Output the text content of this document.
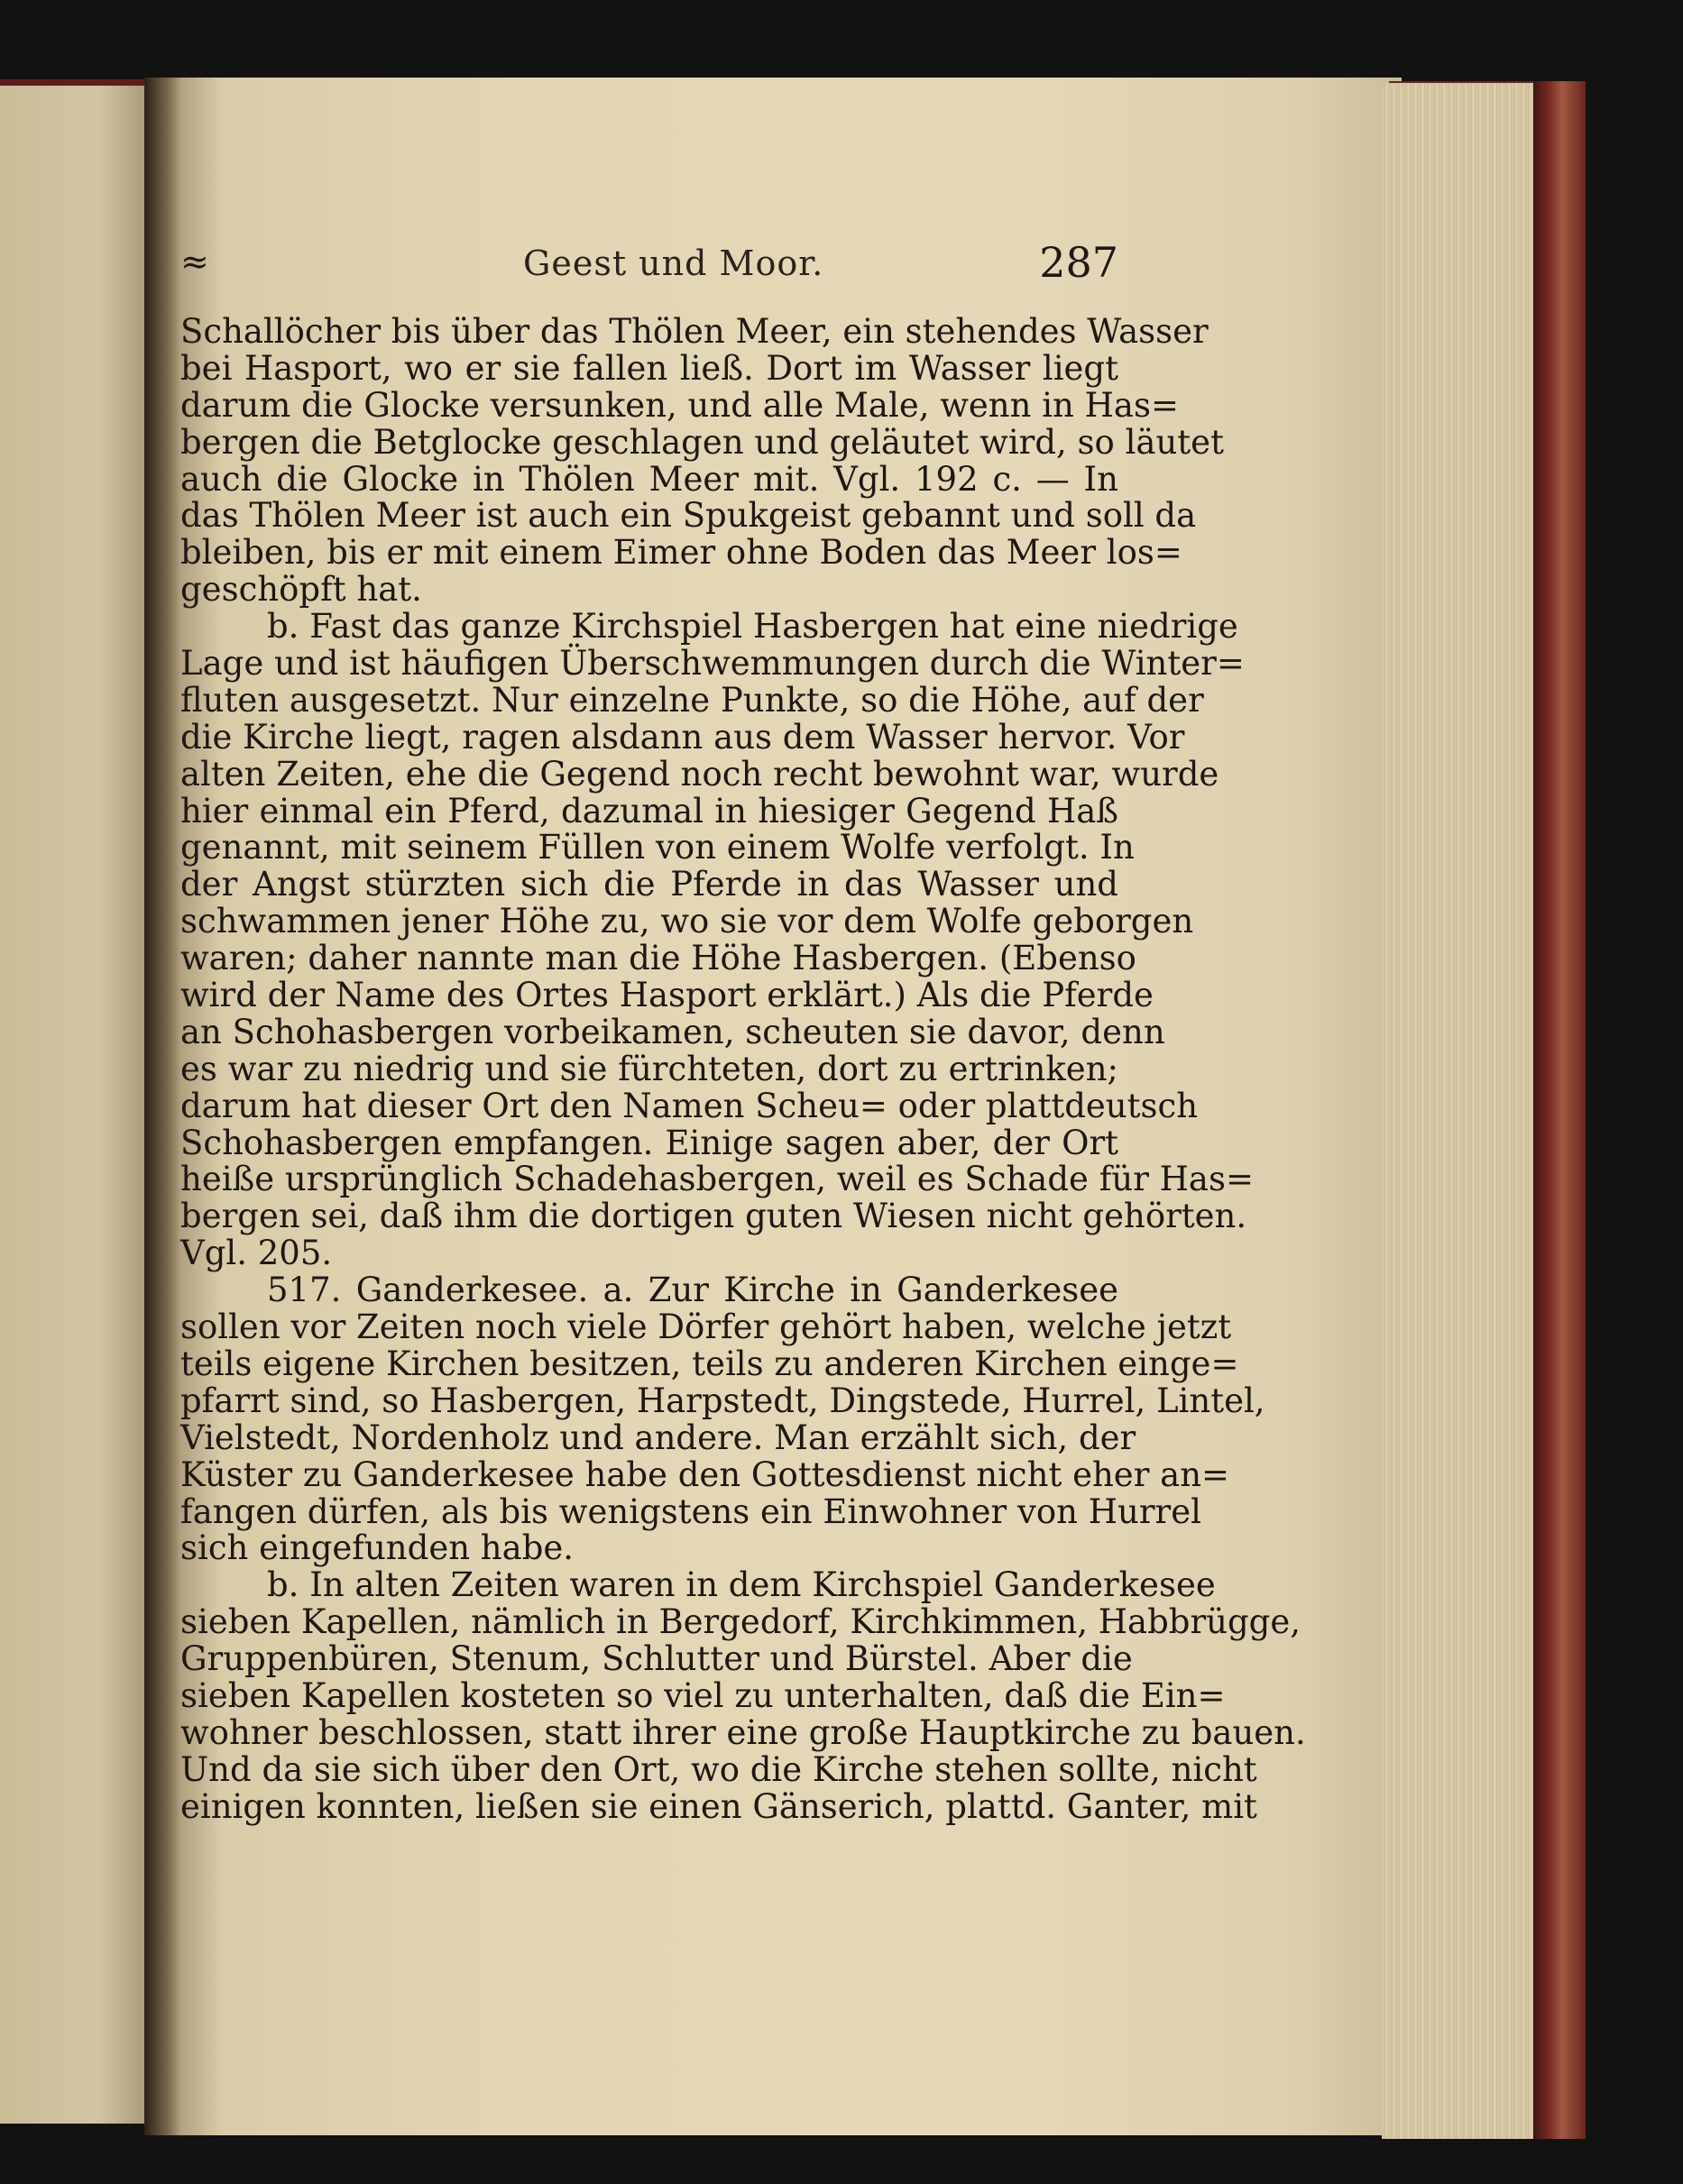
≈	Geest und Moor.	287
Schallöcher bis über das Thölen Meer, ein stehendes Wasser
bei Hasport, wo er sie fallen ließ. Dort im Wasser liegt
darum die Glocke versunken, und alle Male, wenn in Has=
bergen die Betglocke geschlagen und geläutet wird, so läutet
auch die Glocke in Thölen Meer mit. Vgl. 192 c. — In
das Thölen Meer ist auch ein Spukgeist gebannt und soll da
bleiben, bis er mit einem Eimer ohne Boden das Meer los=
geschöpft hat.
b. Fast das ganze Kirchspiel Hasbergen hat eine niedrige
Lage und ist häufigen Überschwemmungen durch die Winter=
fluten ausgesetzt. Nur einzelne Punkte, so die Höhe, auf der
die Kirche liegt, ragen alsdann aus dem Wasser hervor. Vor
alten Zeiten, ehe die Gegend noch recht bewohnt war, wurde
hier einmal ein Pferd, dazumal in hiesiger Gegend Haß
genannt, mit seinem Füllen von einem Wolfe verfolgt. In
der Angst stürzten sich die Pferde in das Wasser und
schwammen jener Höhe zu, wo sie vor dem Wolfe geborgen
waren; daher nannte man die Höhe Hasbergen. (Ebenso
wird der Name des Ortes Hasport erklärt.) Als die Pferde
an Schohasbergen vorbeikamen, scheuten sie davor, denn
es war zu niedrig und sie fürchteten, dort zu ertrinken;
darum hat dieser Ort den Namen Scheu= oder plattdeutsch
Schohasbergen empfangen. Einige sagen aber, der Ort
heiße ursprünglich Schadehasbergen, weil es Schade für Has=
bergen sei, daß ihm die dortigen guten Wiesen nicht gehörten.
Vgl. 205.
517. Ganderkesee. a. Zur Kirche in Ganderkesee
sollen vor Zeiten noch viele Dörfer gehört haben, welche jetzt
teils eigene Kirchen besitzen, teils zu anderen Kirchen einge=
pfarrt sind, so Hasbergen, Harpstedt, Dingstede, Hurrel, Lintel,
Vielstedt, Nordenholz und andere. Man erzählt sich, der
Küster zu Ganderkesee habe den Gottesdienst nicht eher an=
fangen dürfen, als bis wenigstens ein Einwohner von Hurrel
sich eingefunden habe.
b. In alten Zeiten waren in dem Kirchspiel Ganderkesee
sieben Kapellen, nämlich in Bergedorf, Kirchkimmen, Habbrügge,
Gruppenbüren, Stenum, Schlutter und Bürstel. Aber die
sieben Kapellen kosteten so viel zu unterhalten, daß die Ein=
wohner beschlossen, statt ihrer eine große Hauptkirche zu bauen.
Und da sie sich über den Ort, wo die Kirche stehen sollte, nicht
einigen konnten, ließen sie einen Gänserich, plattd. Ganter, mit
